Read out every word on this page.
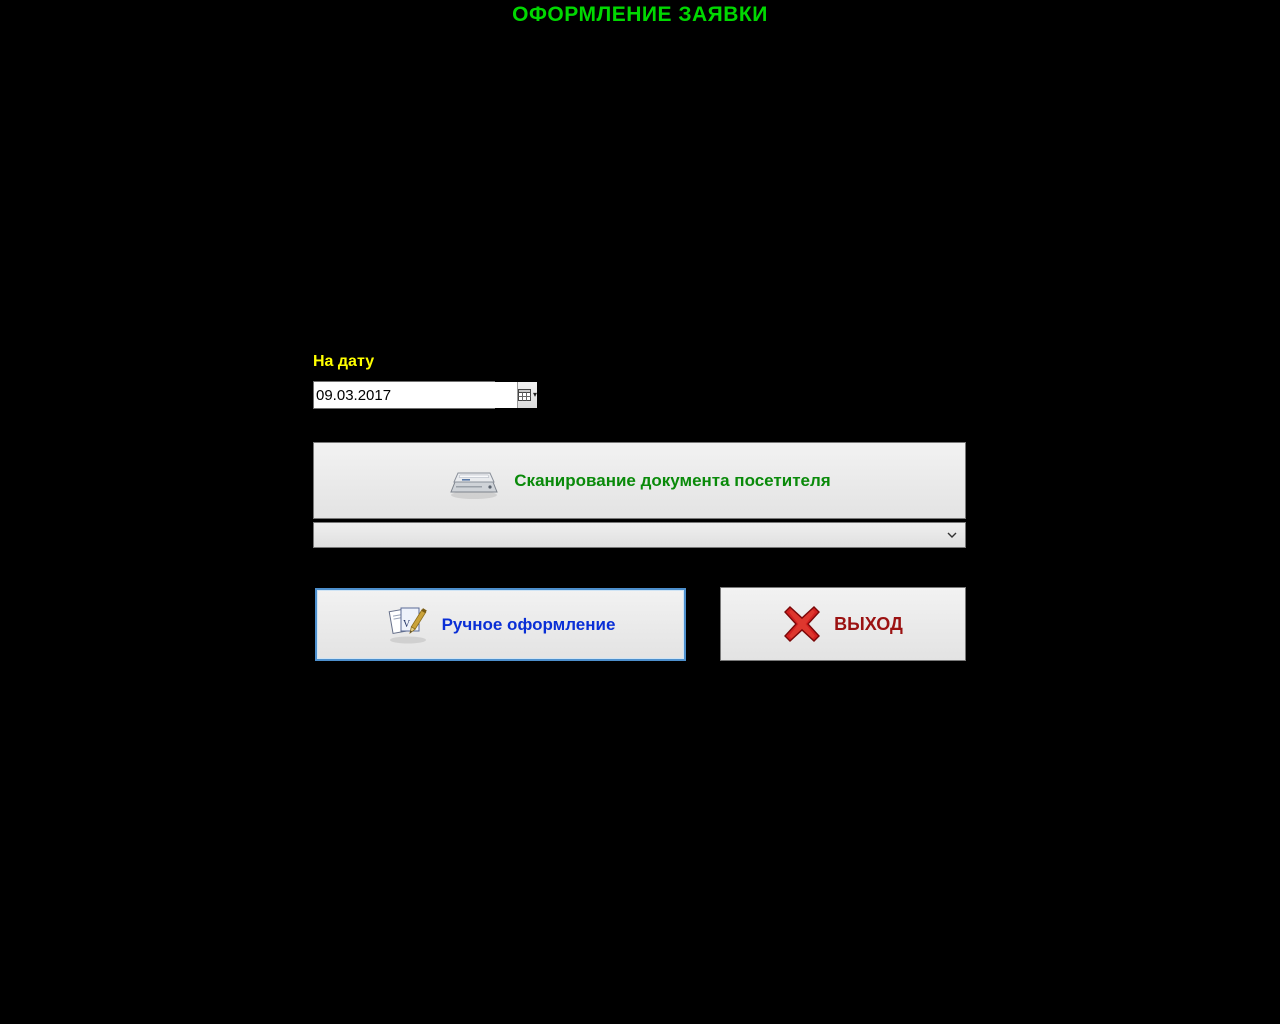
ОФОРМЛЕНИЕ ЗАЯВКИ
На дату
09.03.2017
▾
Сканирование документа посетителя
V Ручное оформление	ВЫХОД
